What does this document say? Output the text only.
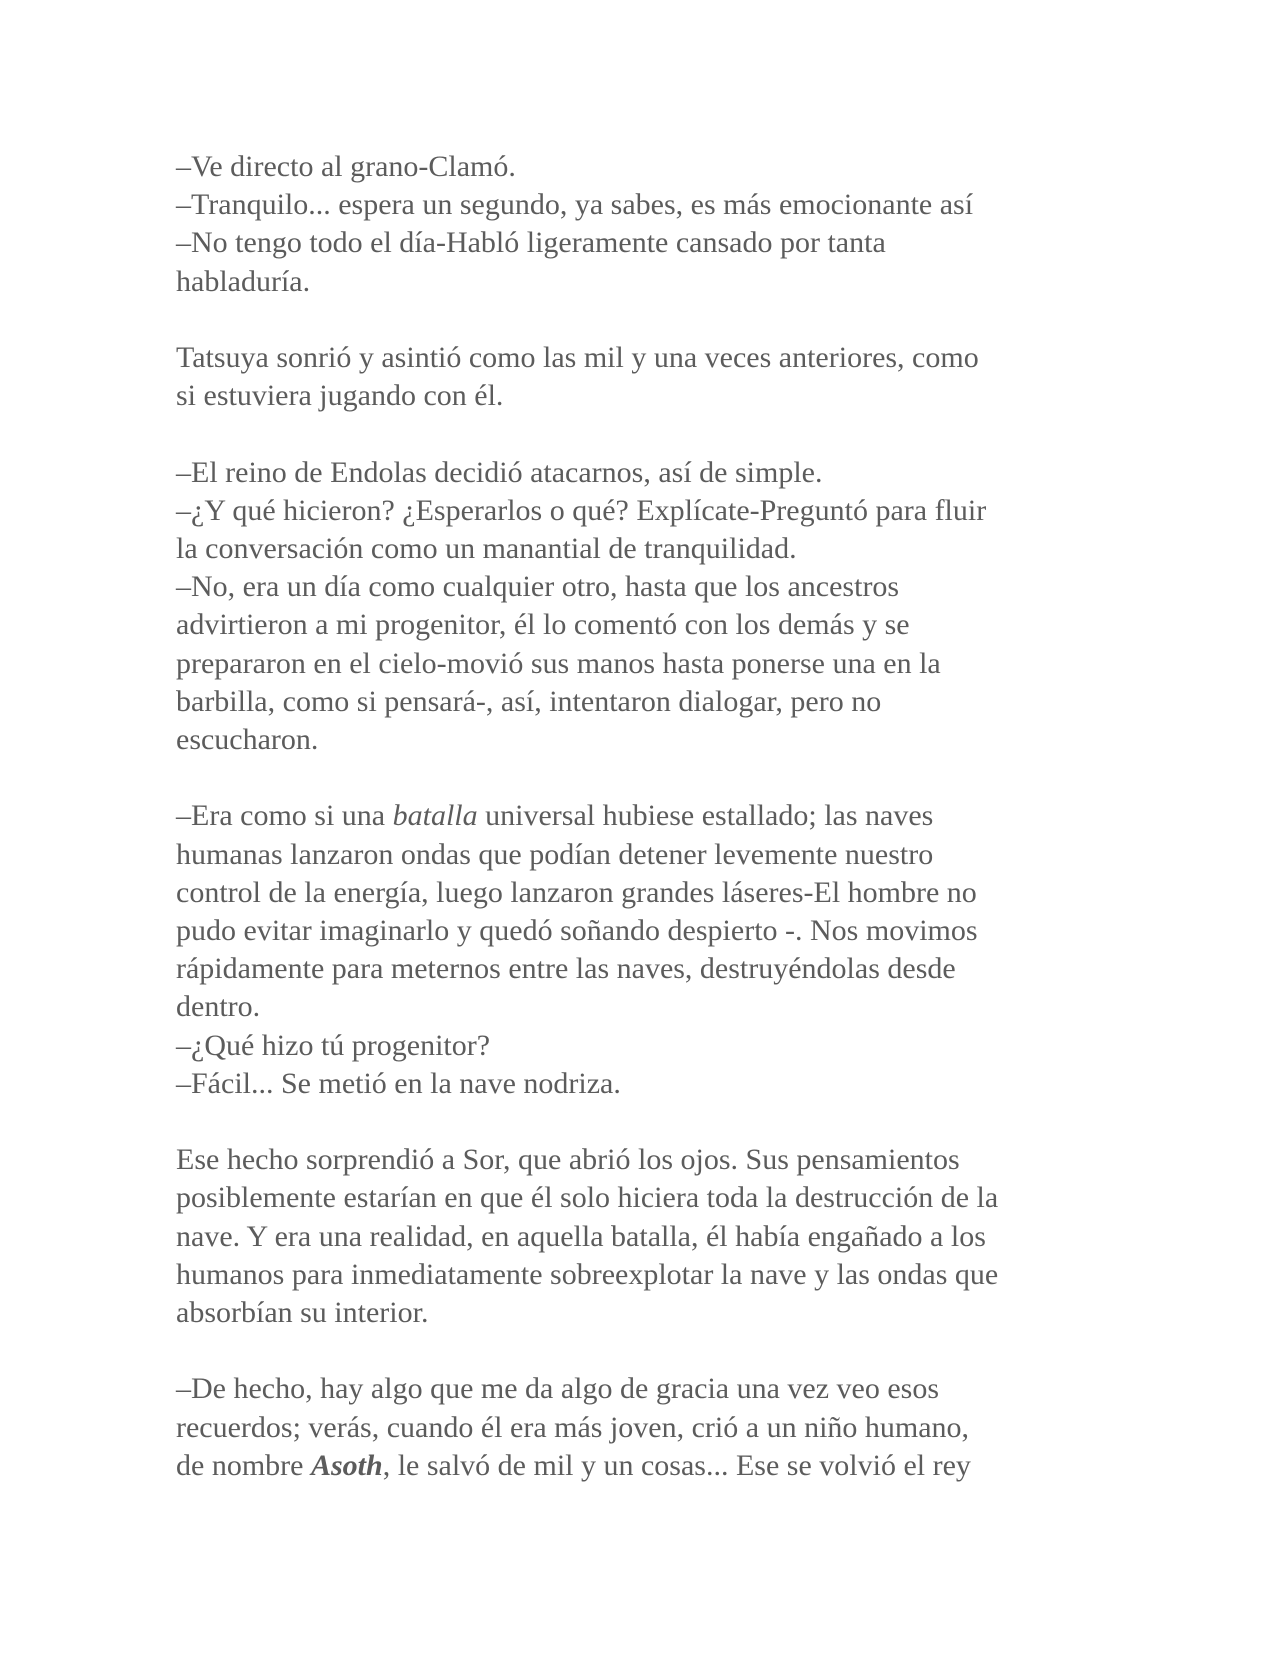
–Ve directo al grano-Clamó.
–Tranquilo... espera un segundo, ya sabes, es más emocionante así
–No tengo todo el día-Habló ligeramente cansado por tanta
habladuría.
Tatsuya sonrió y asintió como las mil y una veces anteriores, como
si estuviera jugando con él.
–El reino de Endolas decidió atacarnos, así de simple.
–¿Y qué hicieron? ¿Esperarlos o qué? Explícate-Preguntó para fluir
la conversación como un manantial de tranquilidad.
–No, era un día como cualquier otro, hasta que los ancestros
advirtieron a mi progenitor, él lo comentó con los demás y se
prepararon en el cielo-movió sus manos hasta ponerse una en la
barbilla, como si pensará-, así, intentaron dialogar, pero no
escucharon.
–Era como si una batalla universal hubiese estallado; las naves
humanas lanzaron ondas que podían detener levemente nuestro
control de la energía, luego lanzaron grandes láseres-El hombre no
pudo evitar imaginarlo y quedó soñando despierto -. Nos movimos
rápidamente para meternos entre las naves, destruyéndolas desde
dentro.
–¿Qué hizo tú progenitor?
–Fácil... Se metió en la nave nodriza.
Ese hecho sorprendió a Sor, que abrió los ojos. Sus pensamientos
posiblemente estarían en que él solo hiciera toda la destrucción de la
nave. Y era una realidad, en aquella batalla, él había engañado a los
humanos para inmediatamente sobreexplotar la nave y las ondas que
absorbían su interior.
–De hecho, hay algo que me da algo de gracia una vez veo esos
recuerdos; verás, cuando él era más joven, crió a un niño humano,
de nombre Asoth, le salvó de mil y un cosas... Ese se volvió el rey
